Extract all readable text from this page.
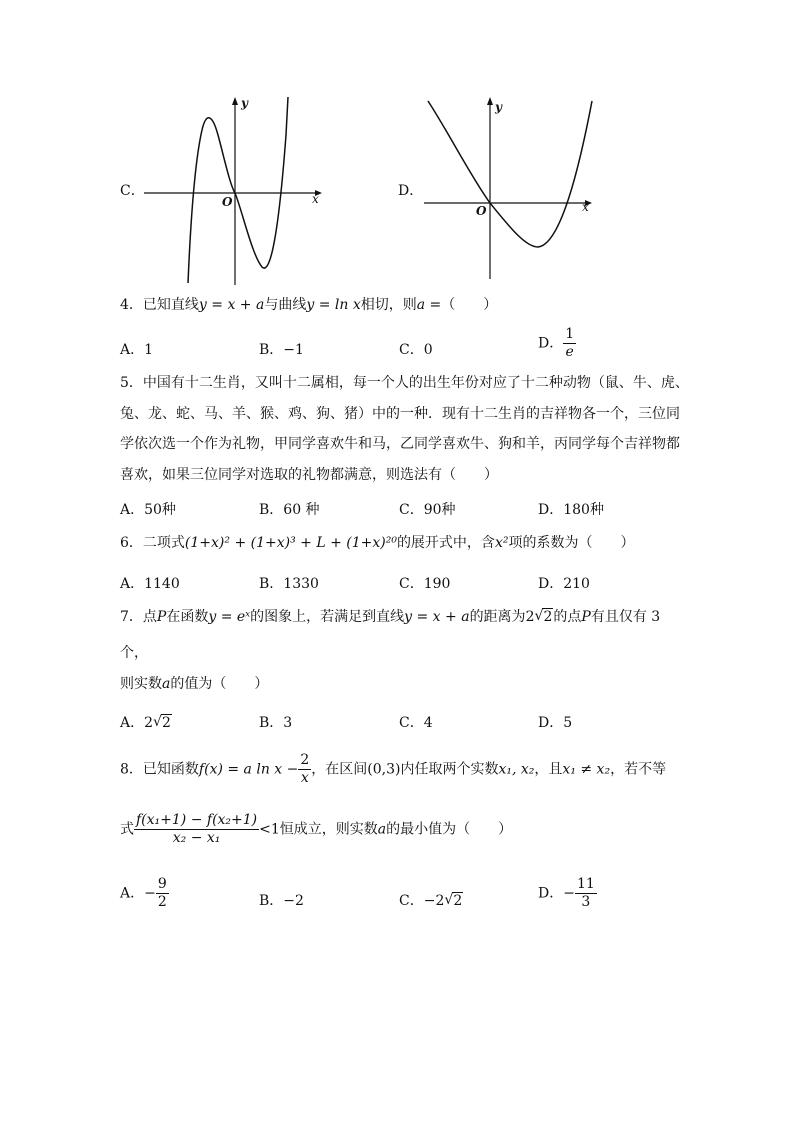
C．
y
x
O
D．
y
x
O
4．已知直线y = x + a与曲线y = ln x相切，则a =（　　）
A．1	B．−1	C．0	D． $\frac{1}{e}$
5．中国有十二生肖，又叫十二属相，每一个人的出生年份对应了十二种动物（鼠、牛、虎、
兔、龙、蛇、马、羊、猴、鸡、狗、猪）中的一种．现有十二生肖的吉祥物各一个，三位同
学依次选一个作为礼物，甲同学喜欢牛和马，乙同学喜欢牛、狗和羊，丙同学每个吉祥物都
喜欢，如果三位同学对选取的礼物都满意，则选法有（　　）
A．50种	B．60 种	C．90种	D．180种
6．二项式(1+x)² + (1+x)³ + L + (1+x)²⁰的展开式中，含x²项的系数为（　　）
A．1140	B．1330	C．190	D．210
7．点P在函数y = eˣ的图象上，若满足到直线y = x + a的距离为2 √ 2的点P有且仅有 3
个，
则实数a的值为（　　）
A．2 √ 2	B．3	C．4	D．5
8．已知函数f(x) = a $\ln x - \frac{2}{x}$ ，在区间(0,3)内任取两个实数x₁, x₂，且x₁ ≠ x₂，若不等
式 $\frac{\text{f(x₁+1) − f(x₂+1)}}{\text{x₂ − x₁}} <1$恒成立，则实数a的最小值为（　　）
A．− $\frac{9}{2}$	B．−2	C．−2 √ 2	D．− $\frac{11}{3}$
